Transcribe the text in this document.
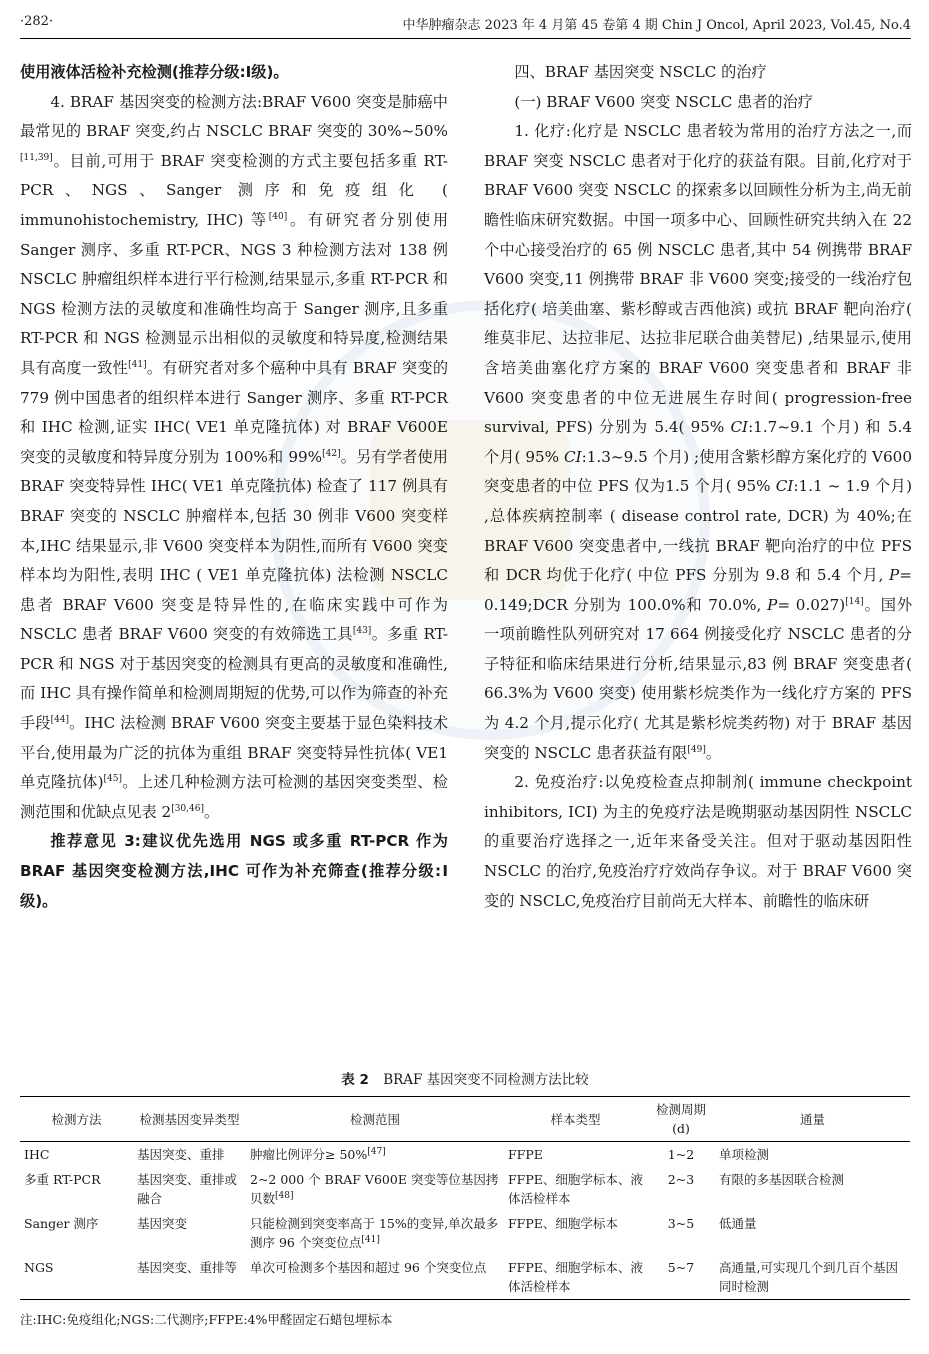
·282·	中华肿瘤杂志 2023 年 4 月第 45 卷第 4 期 Chin J Oncol, April 2023, Vol.45, No.4

使用液体活检补充检测(推荐分级:Ⅰ级)。

4. BRAF 基因突变的检测方法:BRAF V600 突变是肺癌中最常见的 BRAF 突变,约占 NSCLC BRAF 突变的 30%~50%[11,39]。目前,可用于 BRAF 突变检测的方式主要包括多重 RT-PCR、NGS、Sanger 测序和免疫组化 ( immunohistochemistry, IHC) 等[40]。有研究者分别使用 Sanger 测序、多重 RT-PCR、NGS 3 种检测方法对 138 例 NSCLC 肿瘤组织样本进行平行检测,结果显示,多重 RT-PCR 和 NGS 检测方法的灵敏度和准确性均高于 Sanger 测序,且多重 RT-PCR 和 NGS 检测显示出相似的灵敏度和特异度,检测结果具有高度一致性[41]。有研究者对多个癌种中具有 BRAF 突变的 779 例中国患者的组织样本进行 Sanger 测序、多重 RT-PCR 和 IHC 检测,证实 IHC( VE1 单克隆抗体) 对 BRAF V600E 突变的灵敏度和特异度分别为 100%和 99%[42]。另有学者使用 BRAF 突变特异性 IHC( VE1 单克隆抗体) 检查了 117 例具有 BRAF 突变的 NSCLC 肿瘤样本,包括 30 例非 V600 突变样本,IHC 结果显示,非 V600 突变样本为阴性,而所有 V600 突变样本均为阳性,表明 IHC ( VE1 单克隆抗体) 法检测 NSCLC 患者 BRAF V600 突变是特异性的,在临床实践中可作为 NSCLC 患者 BRAF V600 突变的有效筛选工具[43]。多重 RT-PCR 和 NGS 对于基因突变的检测具有更高的灵敏度和准确性,而 IHC 具有操作简单和检测周期短的优势,可以作为筛查的补充手段[44]。IHC 法检测 BRAF V600 突变主要基于显色染料技术平台,使用最为广泛的抗体为重组 BRAF 突变特异性抗体( VE1 单克隆抗体)[45]。上述几种检测方法可检测的基因突变类型、检测范围和优缺点见表 2[30,46]。

推荐意见 3:建议优先选用 NGS 或多重 RT-PCR 作为 BRAF 基因突变检测方法,IHC 可作为补充筛查(推荐分级:Ⅰ级)。

四、BRAF 基因突变 NSCLC 的治疗

(一) BRAF V600 突变 NSCLC 患者的治疗

1. 化疗:化疗是 NSCLC 患者较为常用的治疗方法之一,而 BRAF 突变 NSCLC 患者对于化疗的获益有限。目前,化疗对于 BRAF V600 突变 NSCLC 的探索多以回顾性分析为主,尚无前瞻性临床研究数据。中国一项多中心、回顾性研究共纳入在 22 个中心接受治疗的 65 例 NSCLC 患者,其中 54 例携带 BRAF V600 突变,11 例携带 BRAF 非 V600 突变;接受的一线治疗包括化疗( 培美曲塞、紫杉醇或吉西他滨) 或抗 BRAF 靶向治疗( 维莫非尼、达拉非尼、达拉非尼联合曲美替尼) ,结果显示,使用含培美曲塞化疗方案的 BRAF V600 突变患者和 BRAF 非 V600 突变患者的中位无进展生存时间( progression-free survival, PFS) 分别为 5.4( 95% CI:1.7~9.1 个月) 和 5.4 个月( 95% CI:1.3~9.5 个月) ;使用含紫杉醇方案化疗的 V600 突变患者的中位 PFS 仅为1.5 个月( 95% CI:1.1 ~ 1.9 个月) ,总体疾病控制率 ( disease control rate, DCR) 为 40%;在 BRAF V600 突变患者中,一线抗 BRAF 靶向治疗的中位 PFS 和 DCR 均优于化疗( 中位 PFS 分别为 9.8 和 5.4 个月, P= 0.149;DCR 分别为 100.0%和 70.0%, P= 0.027)[14]。国外一项前瞻性队列研究对 17 664 例接受化疗 NSCLC 患者的分子特征和临床结果进行分析,结果显示,83 例 BRAF 突变患者( 66.3%为 V600 突变) 使用紫杉烷类作为一线化疗方案的 PFS 为 4.2 个月,提示化疗( 尤其是紫杉烷类药物) 对于 BRAF 基因突变的 NSCLC 患者获益有限[49]。

2. 免疫治疗:以免疫检查点抑制剂( immune checkpoint inhibitors, ICI) 为主的免疫疗法是晚期驱动基因阴性 NSCLC 的重要治疗选择之一,近年来备受关注。但对于驱动基因阳性 NSCLC 的治疗,免疫治疗疗效尚存争议。对于 BRAF V600 突变的 NSCLC,免疫治疗目前尚无大样本、前瞻性的临床研

表 2 BRAF 基因突变不同检测方法比较
检测方法	检测基因变异类型	检测范围	样本类型	检测周期(d)	通量
IHC	基因突变、重排	肿瘤比例评分≥ 50%[47]	FFPE	1~2	单项检测
多重 RT-PCR	基因突变、重排或融合	2~2 000 个 BRAF V600E 突变等位基因拷贝数[48]	FFPE、细胞学标本、液体活检样本	2~3	有限的多基因联合检测
Sanger 测序	基因突变	只能检测到突变率高于 15%的变异,单次最多测序 96 个突变位点[41]	FFPE、细胞学标本	3~5	低通量
NGS	基因突变、重排等	单次可检测多个基因和超过 96 个突变位点	FFPE、细胞学标本、液体活检样本	5~7	高通量,可实现几个到几百个基因同时检测
注:IHC:免疫组化;NGS:二代测序;FFPE:4%甲醛固定石蜡包埋标本
